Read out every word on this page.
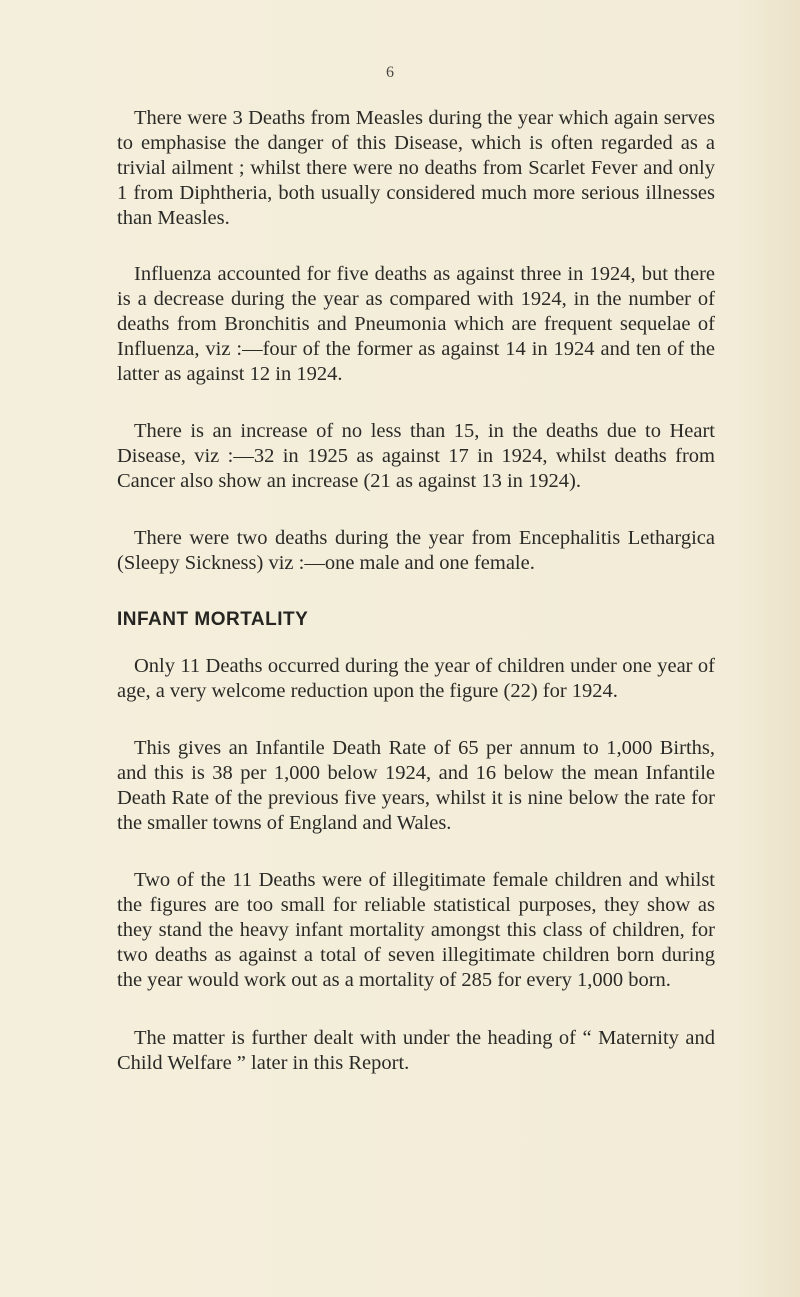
6

There were 3 Deaths from Measles during the year which again serves to emphasise the danger of this Disease, which is often regarded as a trivial ailment ; whilst there were no deaths from Scarlet Fever and only 1 from Diphtheria, both usually considered much more serious illnesses than Measles.

Influenza accounted for five deaths as against three in 1924, but there is a decrease during the year as compared with 1924, in the number of deaths from Bronchitis and Pneumonia which are frequent sequelae of Influenza, viz :—four of the former as against 14 in 1924 and ten of the latter as against 12 in 1924.

There is an increase of no less than 15, in the deaths due to Heart Disease, viz :—32 in 1925 as against 17 in 1924, whilst deaths from Cancer also show an increase (21 as against 13 in 1924).

There were two deaths during the year from Encephalitis Lethargica (Sleepy Sickness) viz :—one male and one female.

INFANT MORTALITY

Only 11 Deaths occurred during the year of children under one year of age, a very welcome reduction upon the figure (22) for 1924.

This gives an Infantile Death Rate of 65 per annum to 1,000 Births, and this is 38 per 1,000 below 1924, and 16 below the mean Infantile Death Rate of the previous five years, whilst it is nine below the rate for the smaller towns of England and Wales.

Two of the 11 Deaths were of illegitimate female children and whilst the figures are too small for reliable statistical purposes, they show as they stand the heavy infant mortality amongst this class of children, for two deaths as against a total of seven illegitimate children born during the year would work out as a mortality of 285 for every 1,000 born.

The matter is further dealt with under the heading of “ Maternity and Child Welfare ” later in this Report.
